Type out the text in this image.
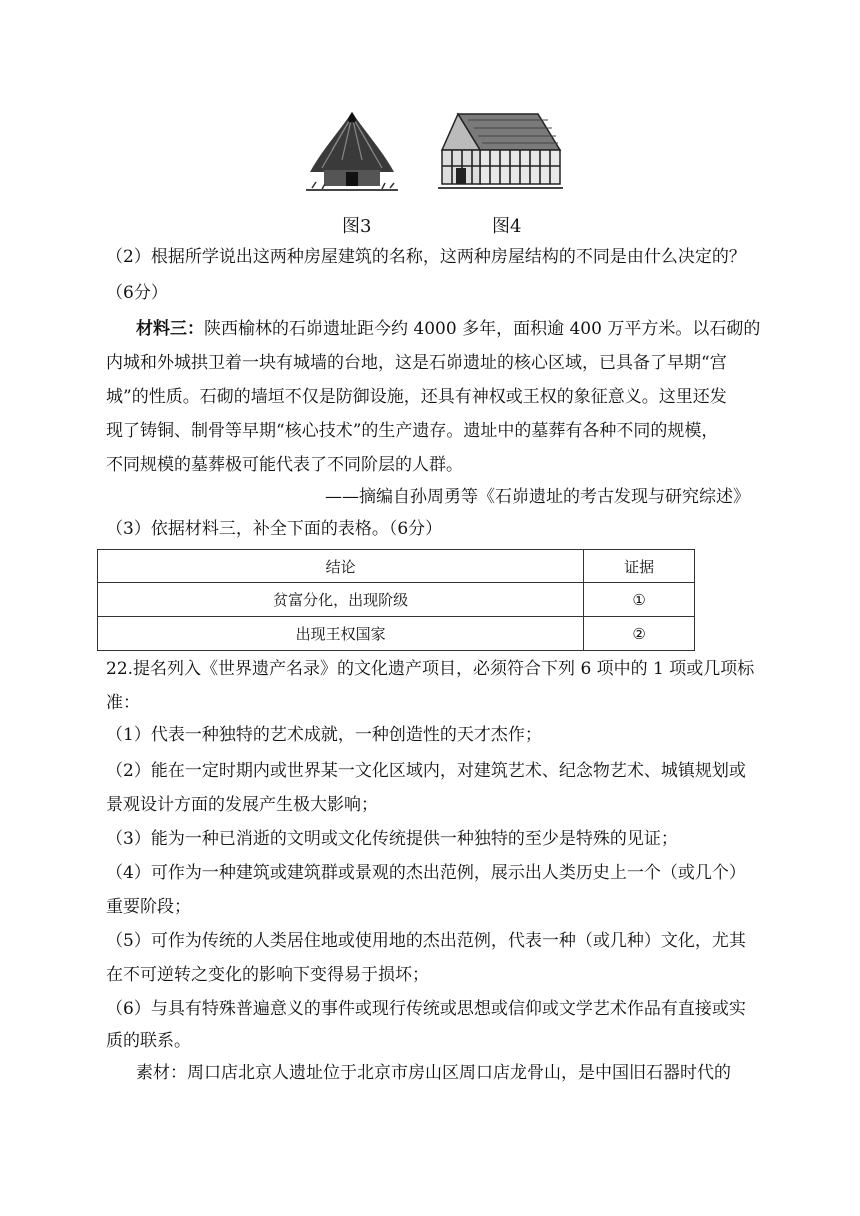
图3	图4
（2）根据所学说出这两种房屋建筑的名称，这两种房屋结构的不同是由什么决定的？
（6分）
材料三：陕西榆林的石峁遗址距今约 4000 多年，面积逾 400 万平方米。以石砌的
内城和外城拱卫着一块有城墙的台地，这是石峁遗址的核心区域，已具备了早期“宫
城”的性质。石砌的墙垣不仅是防御设施，还具有神权或王权的象征意义。这里还发
现了铸铜、制骨等早期“核心技术”的生产遗存。遗址中的墓葬有各种不同的规模，
不同规模的墓葬极可能代表了不同阶层的人群。
——摘编自孙周勇等《石峁遗址的考古发现与研究综述》
（3）依据材料三，补全下面的表格。（6分）
结论	证据
贫富分化，出现阶级	①
出现王权国家	②
22.提名列入《世界遗产名录》的文化遗产项目，必须符合下列 6 项中的 1 项或几项标
准：
（1）代表一种独特的艺术成就，一种创造性的天才杰作；
（2）能在一定时期内或世界某一文化区域内，对建筑艺术、纪念物艺术、城镇规划或
景观设计方面的发展产生极大影响；
（3）能为一种已消逝的文明或文化传统提供一种独特的至少是特殊的见证；
（4）可作为一种建筑或建筑群或景观的杰出范例，展示出人类历史上一个（或几个）
重要阶段；
（5）可作为传统的人类居住地或使用地的杰出范例，代表一种（或几种）文化，尤其
在不可逆转之变化的影响下变得易于损坏；
（6）与具有特殊普遍意义的事件或现行传统或思想或信仰或文学艺术作品有直接或实
质的联系。
素材：周口店北京人遗址位于北京市房山区周口店龙骨山，是中国旧石器时代的
